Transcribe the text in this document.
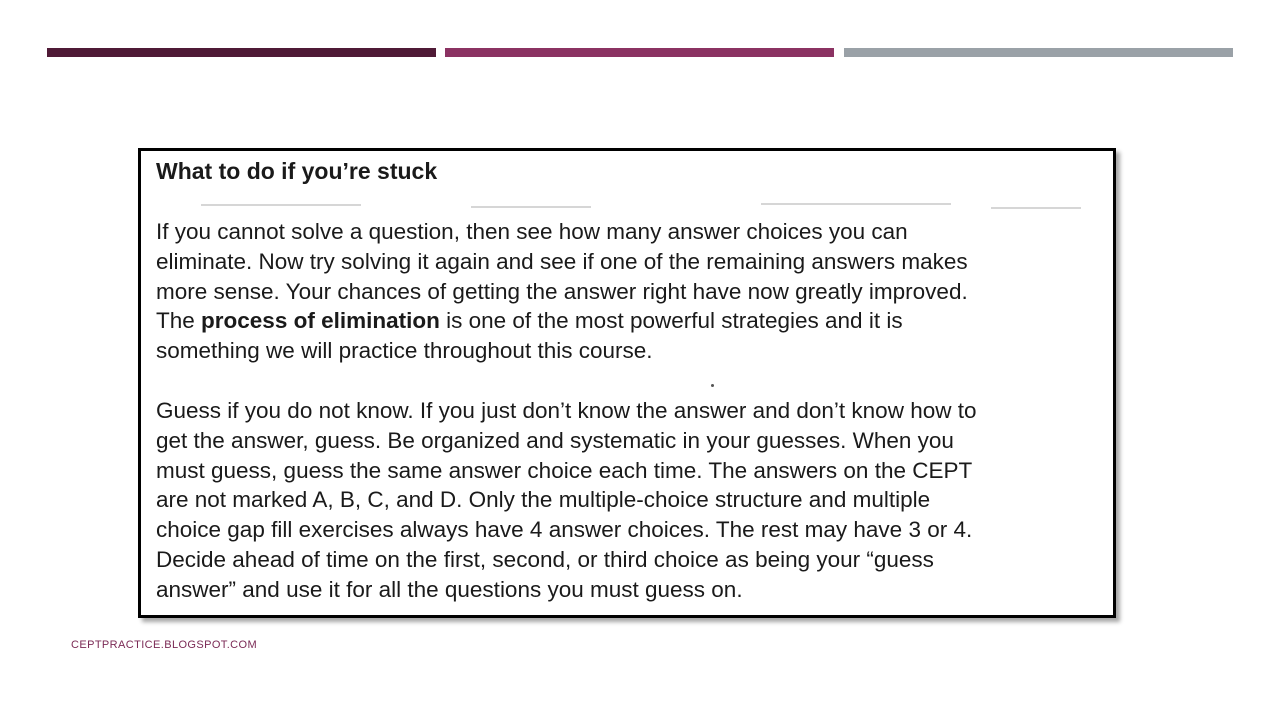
What to do if you’re stuck
If you cannot solve a question, then see how many answer choices you can
eliminate. Now try solving it again and see if one of the remaining answers makes
more sense. Your chances of getting the answer right have now greatly improved.
The process of elimination is one of the most powerful strategies and it is
something we will practice throughout this course.
Guess if you do not know. If you just don’t know the answer and don’t know how to
get the answer, guess. Be organized and systematic in your guesses. When you
must guess, guess the same answer choice each time. The answers on the CEPT
are not marked A, B, C, and D. Only the multiple-choice structure and multiple
choice gap fill exercises always have 4 answer choices. The rest may have 3 or 4.
Decide ahead of time on the first, second, or third choice as being your “guess
answer” and use it for all the questions you must guess on.
CEPTPRACTICE.BLOGSPOT.COM
